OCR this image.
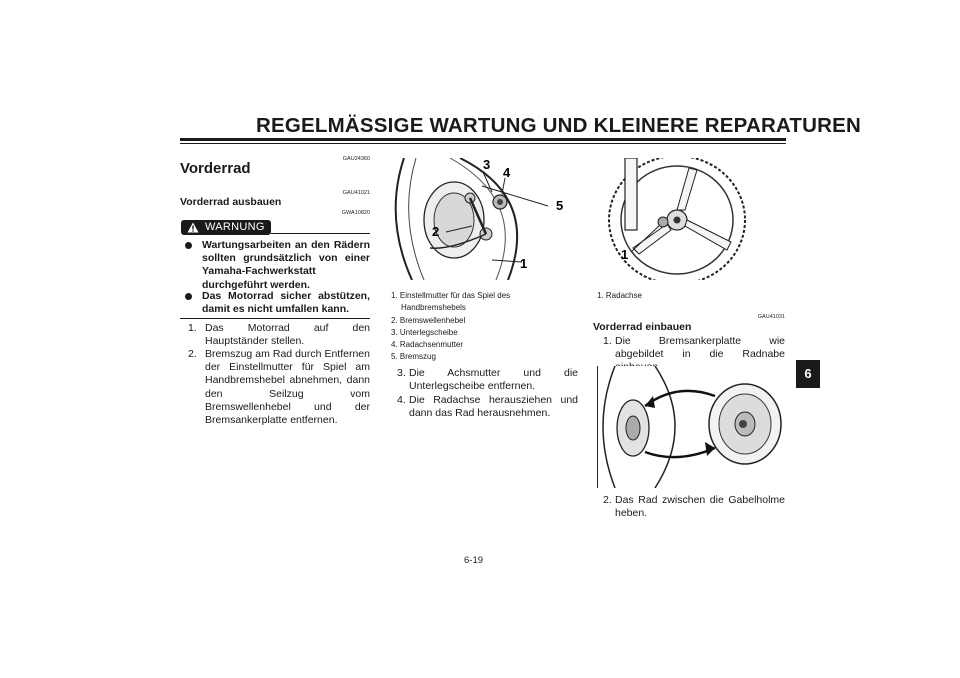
REGELMÄSSIGE WARTUNG UND KLEINERE REPARATUREN
GAU24360
Vorderrad
GAU41021
Vorderrad ausbauen
GWA10820
WARNUNG
Wartungsarbeiten an den Rädern sollten grundsätzlich von einer Yamaha-Fachwerkstatt durchgeführt werden.
Das Motorrad sicher abstützen, damit es nicht umfallen kann.
1. Das Motorrad auf den Hauptständer stellen.
2. Bremszug am Rad durch Entfernen der Einstellmutter für Spiel am Handbremshebel abnehmen, dann den Seilzug vom Bremswellenhebel und der Bremsankerplatte entfernen.
3
4
5
2
1
1. Einstellmutter für das Spiel des
Handbremshebels
2. Bremswellenhebel
3. Unterlegscheibe
4. Radachsenmutter
5. Bremszug
3. Die Achsmutter und die Unterlegscheibe entfernen.
4. Die Radachse herausziehen und dann das Rad herausnehmen.
1
1. Radachse
GAU41031
Vorderrad einbauen
1. Die Bremsankerplatte wie abgebildet in die Radnabe einbauen.
2. Das Rad zwischen die Gabelholme heben.
6
6-19
